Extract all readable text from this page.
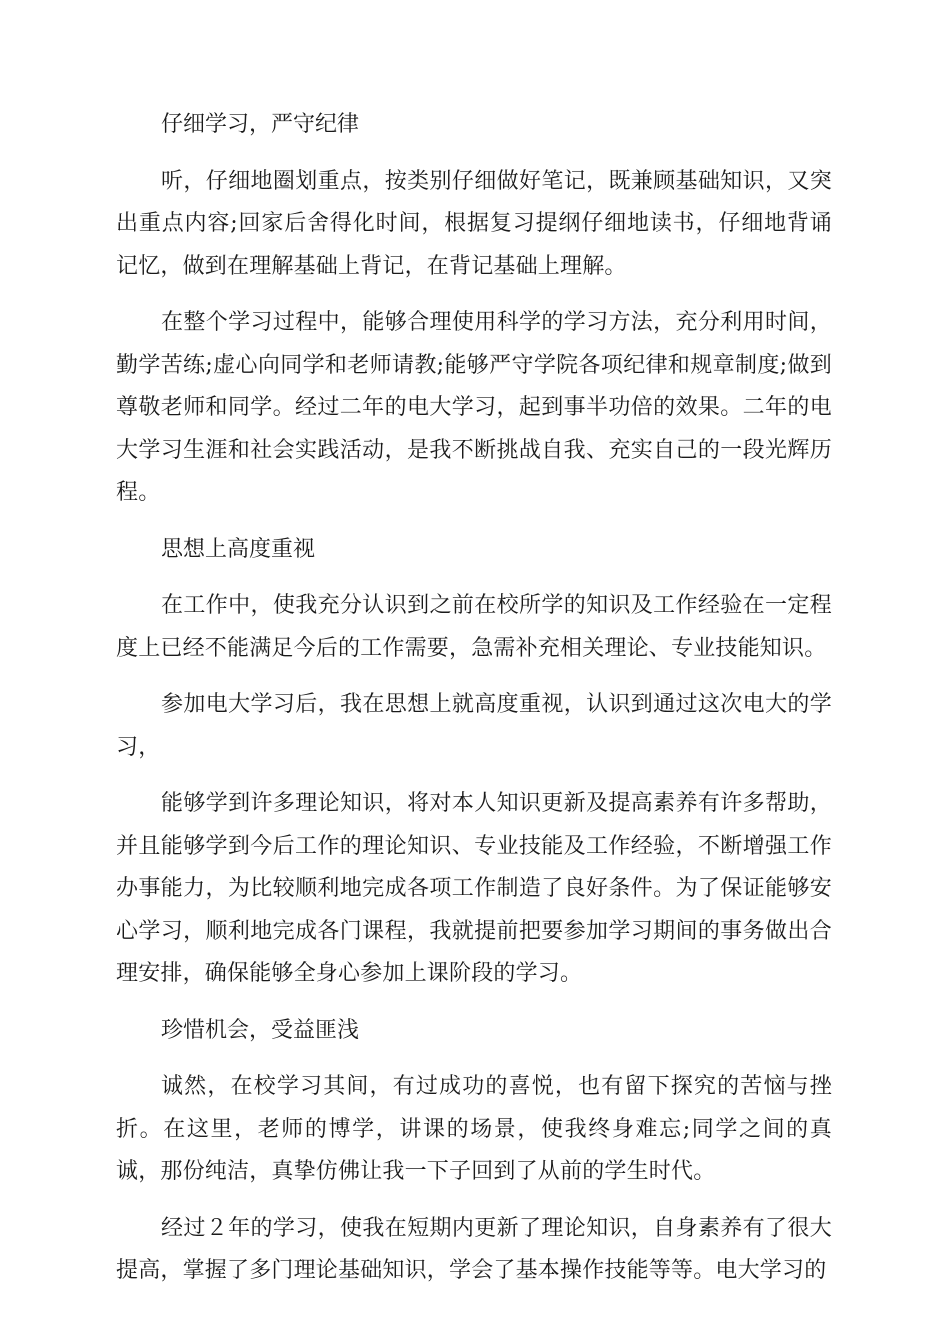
仔细学习，严守纪律

听，仔细地圈划重点，按类别仔细做好笔记，既兼顾基础知识，又突出重点内容;回家后舍得化时间，根据复习提纲仔细地读书，仔细地背诵记忆，做到在理解基础上背记，在背记基础上理解。

在整个学习过程中，能够合理使用科学的学习方法，充分利用时间，勤学苦练;虚心向同学和老师请教;能够严守学院各项纪律和规章制度;做到尊敬老师和同学。经过二年的电大学习，起到事半功倍的效果。二年的电大学习生涯和社会实践活动，是我不断挑战自我、充实自己的一段光辉历程。

思想上高度重视

在工作中，使我充分认识到之前在校所学的知识及工作经验在一定程度上已经不能满足今后的工作需要，急需补充相关理论、专业技能知识。

参加电大学习后，我在思想上就高度重视，认识到通过这次电大的学习，

能够学到许多理论知识，将对本人知识更新及提高素养有许多帮助，并且能够学到今后工作的理论知识、专业技能及工作经验，不断增强工作办事能力，为比较顺利地完成各项工作制造了良好条件。为了保证能够安心学习，顺利地完成各门课程，我就提前把要参加学习期间的事务做出合理安排，确保能够全身心参加上课阶段的学习。

珍惜机会，受益匪浅

诚然，在校学习其间，有过成功的喜悦，也有留下探究的苦恼与挫折。在这里，老师的博学，讲课的场景，使我终身难忘;同学之间的真诚，那份纯洁，真挚仿佛让我一下子回到了从前的学生时代。

经过２年的学习，使我在短期内更新了理论知识，自身素养有了很大提高，掌握了多门理论基础知识，学会了基本操作技能等等。电大学习的
